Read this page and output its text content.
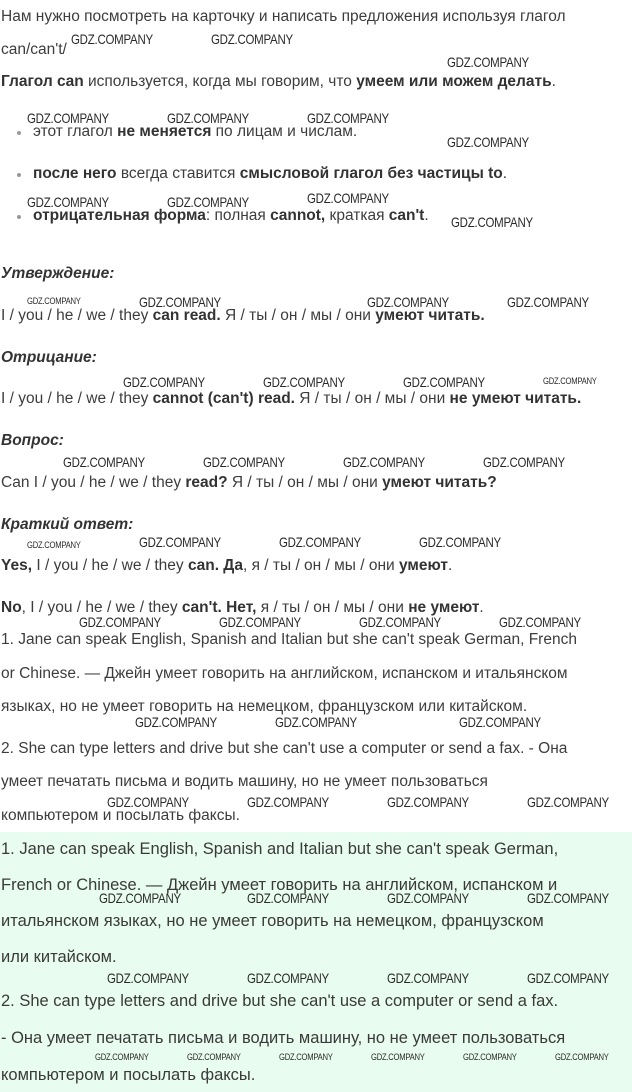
Нам нужно посмотреть на карточку и написать предложения используя глагол
can/can't/
Глагол can используется, когда мы говорим, что умеем или можем делать.
этот глагол не меняется по лицам и числам.
после него всегда ставится смысловой глагол без частицы to.
отрицательная форма: полная cannot, краткая can't.
Утверждение:
I / you / he / we / they can read. Я / ты / он / мы / они умеют читать.
Отрицание:
I / you / he / we / they cannot (can't) read. Я / ты / он / мы / они не умеют читать.
Вопрос:
Can I / you / he / we / they read? Я / ты / он / мы / они умеют читать?
Краткий ответ:
Yes, I / you / he / we / they can. Да, я / ты / он / мы / они умеют.
No, I / you / he / we / they can't. Нет, я / ты / он / мы / они не умеют.
1. Jane can speak English, Spanish and Italian but she can't speak German, French
or Chinese. — Джейн умеет говорить на английском, испанском и итальянском
языках, но не умеет говорить на немецком, французском или китайском.
2. She can type letters and drive but she can't use a computer or send a fax. - Она
умеет печатать письма и водить машину, но не умеет пользоваться
компьютером и посылать факсы.
1. Jane can speak English, Spanish and Italian but she can't speak German,
French or Chinese. — Джейн умеет говорить на английском, испанском и
итальянском языках, но не умеет говорить на немецком, французском
или китайском.
2. She can type letters and drive but she can't use a computer or send a fax.
- Она умеет печатать письма и водить машину, но не умеет пользоваться
компьютером и посылать факсы.
GDZ.COMPANY	GDZ.COMPANY
GDZ.COMPANY
GDZ.COMPANY	GDZ.COMPANY	GDZ.COMPANY
GDZ.COMPANY
GDZ.COMPANY	GDZ.COMPANY	GDZ.COMPANY
GDZ.COMPANY
GDZ.COMPANY	GDZ.COMPANY	GDZ.COMPANY	GDZ.COMPANY
GDZ.COMPANY	GDZ.COMPANY	GDZ.COMPANY	GDZ.COMPANY
GDZ.COMPANY	GDZ.COMPANY	GDZ.COMPANY	GDZ.COMPANY
GDZ.COMPANY	GDZ.COMPANY	GDZ.COMPANY	GDZ.COMPANY
GDZ.COMPANY	GDZ.COMPANY	GDZ.COMPANY	GDZ.COMPANY
GDZ.COMPANY	GDZ.COMPANY	GDZ.COMPANY
GDZ.COMPANY	GDZ.COMPANY	GDZ.COMPANY	GDZ.COMPANY
GDZ.COMPANY	GDZ.COMPANY	GDZ.COMPANY	GDZ.COMPANY
GDZ.COMPANY	GDZ.COMPANY	GDZ.COMPANY	GDZ.COMPANY
GDZ.COMPANY	GDZ.COMPANY	GDZ.COMPANY	GDZ.COMPANY	GDZ.COMPANY	GDZ.COMPANY
